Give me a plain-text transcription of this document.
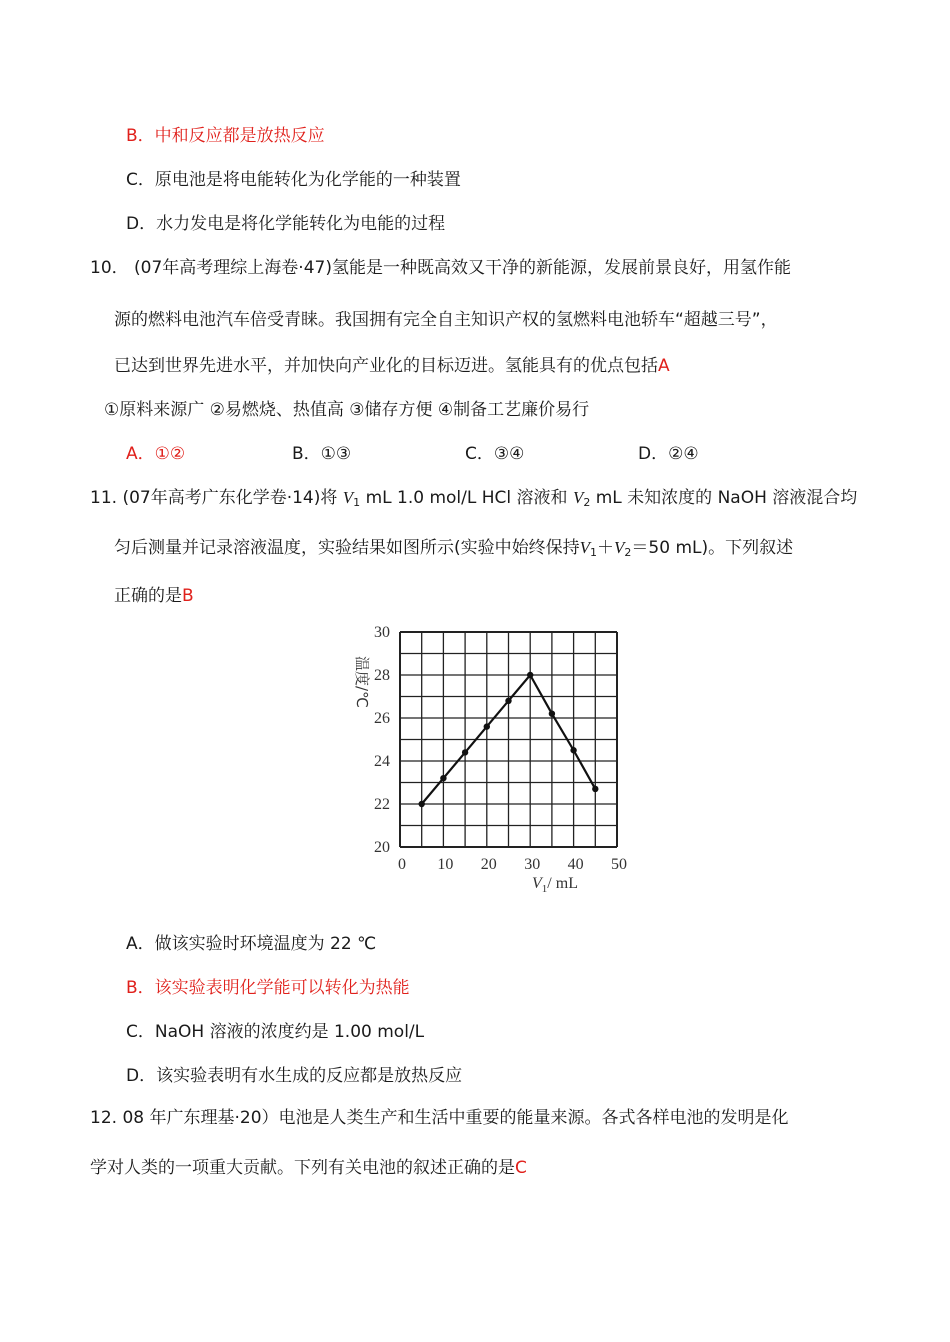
B．中和反应都是放热反应
C．原电池是将电能转化为化学能的一种装置
D．水力发电是将化学能转化为电能的过程
10． (07年高考理综上海卷·47)氢能是一种既高效又干净的新能源，发展前景良好，用氢作能
源的燃料电池汽车倍受青睐。我国拥有完全自主知识产权的氢燃料电池轿车“超越三号”，
已达到世界先进水平，并加快向产业化的目标迈进。氢能具有的优点包括A
①原料来源广 ②易燃烧、热值高 ③储存方便 ④制备工艺廉价易行
A．①②	B．①③	C．③④	D．②④
11. (07年高考广东化学卷·14)将 $V_1$ mL 1.0 mol/L HCl 溶液和 $V_2$ mL 未知浓度的 NaOH 溶液混合均
匀后测量并记录溶液温度，实验结果如图所示(实验中始终保持$V_1+V_2=50$ mL)。下列叙述
正确的是B
20
22
24
26
28
30
0 10 20 30 40 50
温度/℃
$V_1/$ mL
A．做该实验时环境温度为 22 ℃
B．该实验表明化学能可以转化为热能
C．NaOH 溶液的浓度约是 1.00 mol/L
D．该实验表明有水生成的反应都是放热反应
12. 08 年广东理基·20）电池是人类生产和生活中重要的能量来源。各式各样电池的发明是化
学对人类的一项重大贡献。下列有关电池的叙述正确的是C
